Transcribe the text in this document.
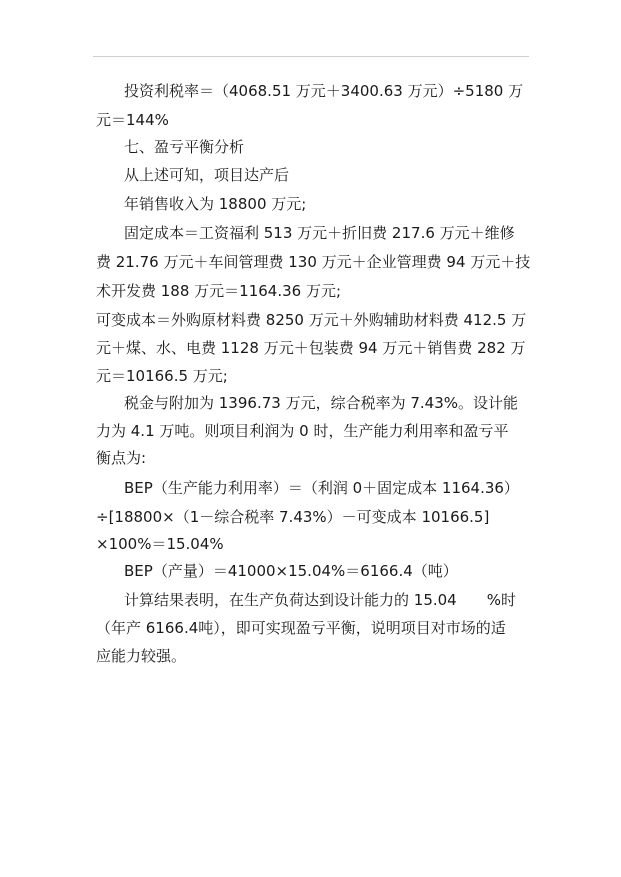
投资利税率＝（4068.51 万元＋3400.63 万元）÷5180 万
元＝144%
七、盈亏平衡分析
从上述可知，项目达产后
年销售收入为 18800 万元;
固定成本＝工资福利 513 万元＋折旧费 217.6 万元＋维修
费 21.76 万元＋车间管理费 130 万元＋企业管理费 94 万元＋技
术开发费 188 万元＝1164.36 万元;
可变成本＝外购原材料费 8250 万元＋外购辅助材料费 412.5 万
元＋煤、水、电费 1128 万元＋包装费 94 万元＋销售费 282 万
元＝10166.5 万元;
税金与附加为 1396.73 万元，综合税率为 7.43%。设计能
力为 4.1 万吨。则项目利润为 0 时，生产能力利用率和盈亏平
衡点为:
BEP（生产能力利用率）＝（利润 0＋固定成本 1164.36）
÷[18800×（1－综合税率 7.43%）－可变成本 10166.5]
×100%＝15.04%
BEP（产量）＝41000×15.04%＝6166.4（吨）
计算结果表明，在生产负荷达到设计能力的 15.04　　%时
（年产 6166.4吨），即可实现盈亏平衡，说明项目对市场的适
应能力较强。
